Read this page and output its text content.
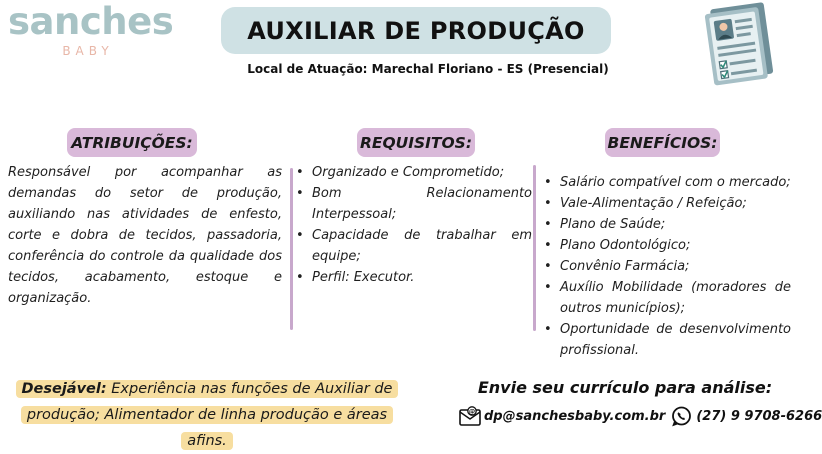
sanches
BABY
AUXILIAR DE PRODUÇÃO
Local de Atuação: Marechal Floriano - ES (Presencial)
ATRIBUIÇÕES:	REQUISITOS:	BENEFÍCIOS:
Responsável por acompanhar as demandas do setor de produção, auxiliando nas atividades de enfesto, corte e dobra de tecidos, passadoria, conferência do controle da qualidade dos tecidos, acabamento, estoque e organização.
• Organizado e Comprometido;
• Bom Relacionamento Interpessoal;
• Capacidade de trabalhar em equipe;
• Perfil: Executor.
• Salário compatível com o mercado;
• Vale-Alimentação / Refeição;
• Plano de Saúde;
• Plano Odontológico;
• Convênio Farmácia;
• Auxílio Mobilidade (moradores de outros municípios);
• Oportunidade de desenvolvimento profissional.
Desejável: Experiência nas funções de Auxiliar de produção; Alimentador de linha produção e áreas afins.
Envie seu currículo para análise:
@ dp@sanchesbaby.com.br (27) 9 9708-6266
